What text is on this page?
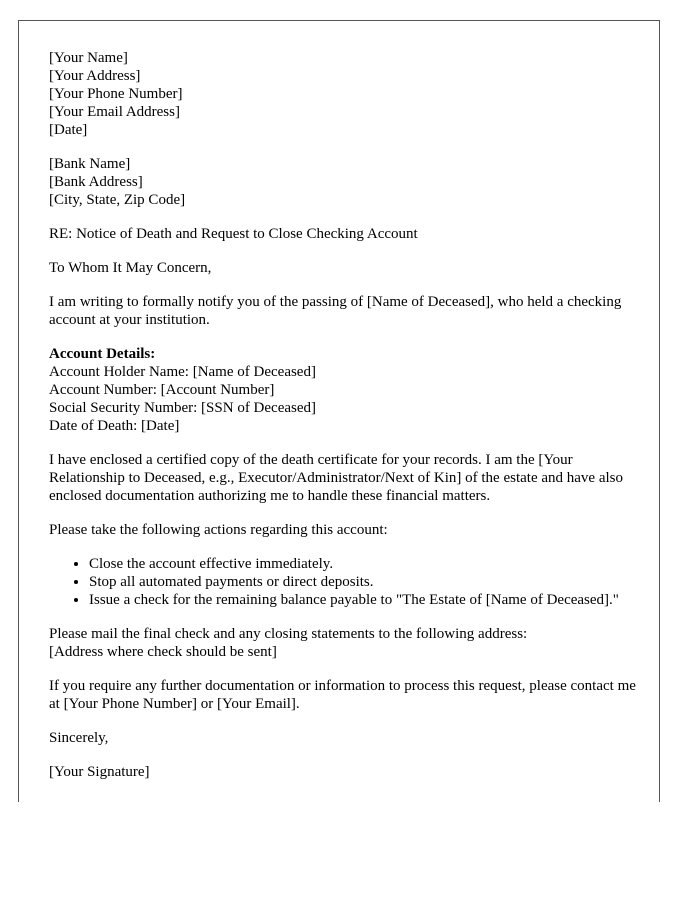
[Your Name]
[Your Address]
[Your Phone Number]
[Your Email Address]
[Date]
[Bank Name]
[Bank Address]
[City, State, Zip Code]

RE: Notice of Death and Request to Close Checking Account

To Whom It May Concern,

I am writing to formally notify you of the passing of [Name of Deceased], who held a checking account at your institution.

Account Details:
Account Holder Name: [Name of Deceased]
Account Number: [Account Number]
Social Security Number: [SSN of Deceased]
Date of Death: [Date]

I have enclosed a certified copy of the death certificate for your records. I am the [Your Relationship to Deceased, e.g., Executor/Administrator/Next of Kin] of the estate and have also enclosed documentation authorizing me to handle these financial matters.

Please take the following actions regarding this account:

• Close the account effective immediately.
• Stop all automated payments or direct deposits.
• Issue a check for the remaining balance payable to "The Estate of [Name of Deceased]."
Please mail the final check and any closing statements to the following address:
[Address where check should be sent]

If you require any further documentation or information to process this request, please contact me at [Your Phone Number] or [Your Email].

Sincerely,

[Your Signature]
